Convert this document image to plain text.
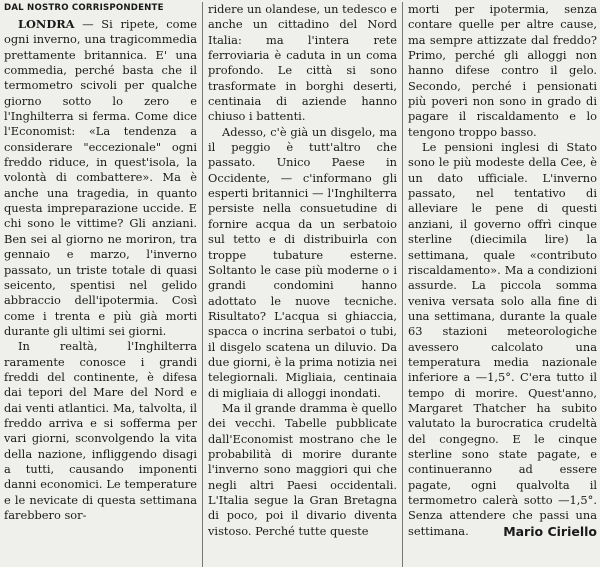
DAL NOSTRO CORRISPONDENTE

LONDRA — Si ripete, come ogni inverno, una tragicommedia prettamente britannica. E' una commedia, perché basta che il termometro scivoli per qualche giorno sotto lo zero e l'Inghilterra si ferma. Come dice l'Economist: «La tendenza a considerare "eccezionale" ogni freddo riduce, in quest'isola, la volontà di combattere». Ma è anche una tragedia, in quanto questa impreparazione uccide. E chi sono le vittime? Gli anziani. Ben sei al giorno ne moriron, tra gennaio e marzo, l'inverno passato, un triste totale di quasi seicento, spentisi nel gelido abbraccio dell'ipotermia. Così come i trenta e più già morti durante gli ultimi sei giorni.

In realtà, l'Inghilterra raramente conosce i grandi freddi del continente, è difesa dai tepori del Mare del Nord e dai venti atlantici. Ma, talvolta, il freddo arriva e si sofferma per vari giorni, sconvolgendo la vita della nazione, infliggendo disagi a tutti, causando imponenti danni economici. Le temperature e le nevicate di questa settimana farebbero sor-

ridere un olandese, un tedesco e anche un cittadino del Nord Italia: ma l'intera rete ferroviaria è caduta in un coma profondo. Le città si sono trasformate in borghi deserti, centinaia di aziende hanno chiuso i battenti.

Adesso, c'è già un disgelo, ma il peggio è tutt'altro che passato. Unico Paese in Occidente, — c'informano gli esperti britannici — l'Inghilterra persiste nella consuetudine di fornire acqua da un serbatoio sul tetto e di distribuirla con troppe tubature esterne. Soltanto le case più moderne o i grandi condomini hanno adottato le nuove tecniche. Risultato? L'acqua si ghiaccia, spacca o incrina serbatoi o tubi, il disgelo scatena un diluvio. Da due giorni, è la prima notizia nei telegiornali. Migliaia, centinaia di migliaia di alloggi inondati.

Ma il grande dramma è quello dei vecchi. Tabelle pubblicate dall'Economist mostrano che le probabilità di morire durante l'inverno sono maggiori qui che negli altri Paesi occidentali. L'Italia segue la Gran Bretagna di poco, poi il divario diventa vistoso. Perché tutte queste

morti per ipotermia, senza contare quelle per altre cause, ma sempre attizzate dal freddo? Primo, perché gli alloggi non hanno difese contro il gelo. Secondo, perché i pensionati più poveri non sono in grado di pagare il riscaldamento e lo tengono troppo basso.

Le pensioni inglesi di Stato sono le più modeste della Cee, è un dato ufficiale. L'inverno passato, nel tentativo di alleviare le pene di questi anziani, il governo offrì cinque sterline (diecimila lire) la settimana, quale «contributo riscaldamento». Ma a condizioni assurde. La piccola somma veniva versata solo alla fine di una settimana, durante la quale 63 stazioni meteorologiche avessero calcolato una temperatura media nazionale inferiore a —1,5°. C'era tutto il tempo di morire. Quest'anno, Margaret Thatcher ha subito valutato la burocratica crudeltà del congegno. E le cinque sterline sono state pagate, e continueranno ad essere pagate, ogni qualvolta il termometro calerà sotto —1,5°. Senza attendere che passi una settimana.	Mario Ciriello
